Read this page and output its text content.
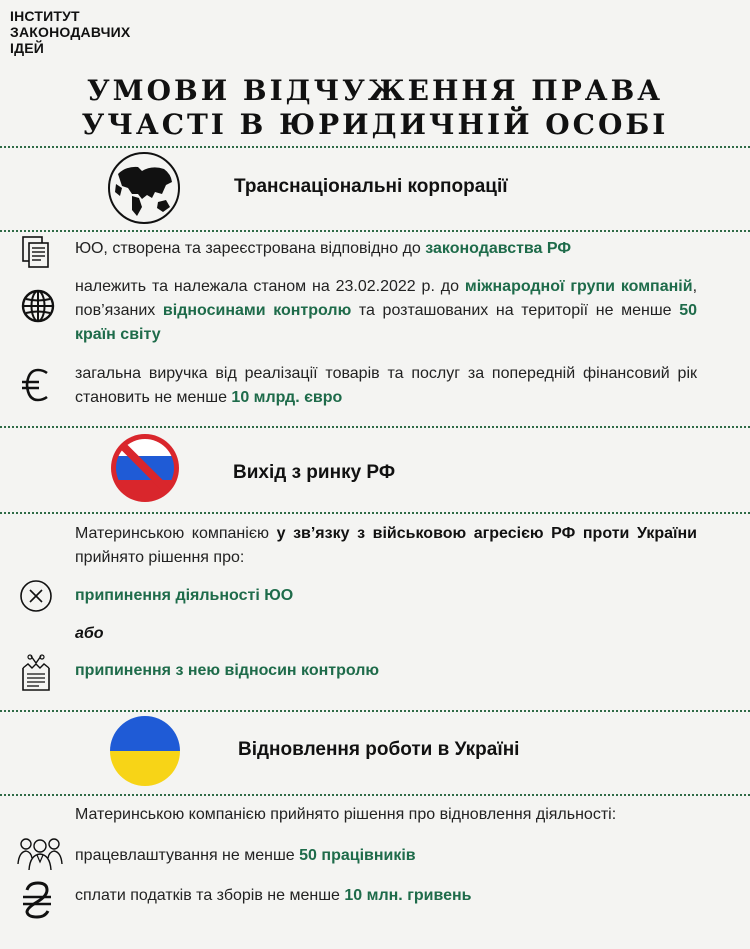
ІНСТИТУТ
ЗАКОНОДАВЧИХ
ІДЕЙ
УМОВИ ВІДЧУЖЕННЯ ПРАВА
УЧАСТІ В ЮРИДИЧНІЙ ОСОБІ
Транснаціональні корпорації
ЮО, створена та зареєстрована відповідно до законодавства РФ
належить та належала станом на 23.02.2022 р. до міжнародної групи компаній, пов’язаних відносинами контролю та розташованих на території не менше 50 країн світу
загальна виручка від реалізації товарів та послуг за попередній фінансовий рік становить не менше 10 млрд. євро
Вихід з ринку РФ
Материнською компанією у зв’язку з військовою агресією РФ проти України прийнято рішення про:
припинення діяльності ЮО
або
припинення з нею відносин контролю
Відновлення роботи в Україні
Материнською компанією прийнято рішення про відновлення діяльності:
працевлаштування не менше 50 працівників
сплати податків та зборів не менше 10 млн. гривень
